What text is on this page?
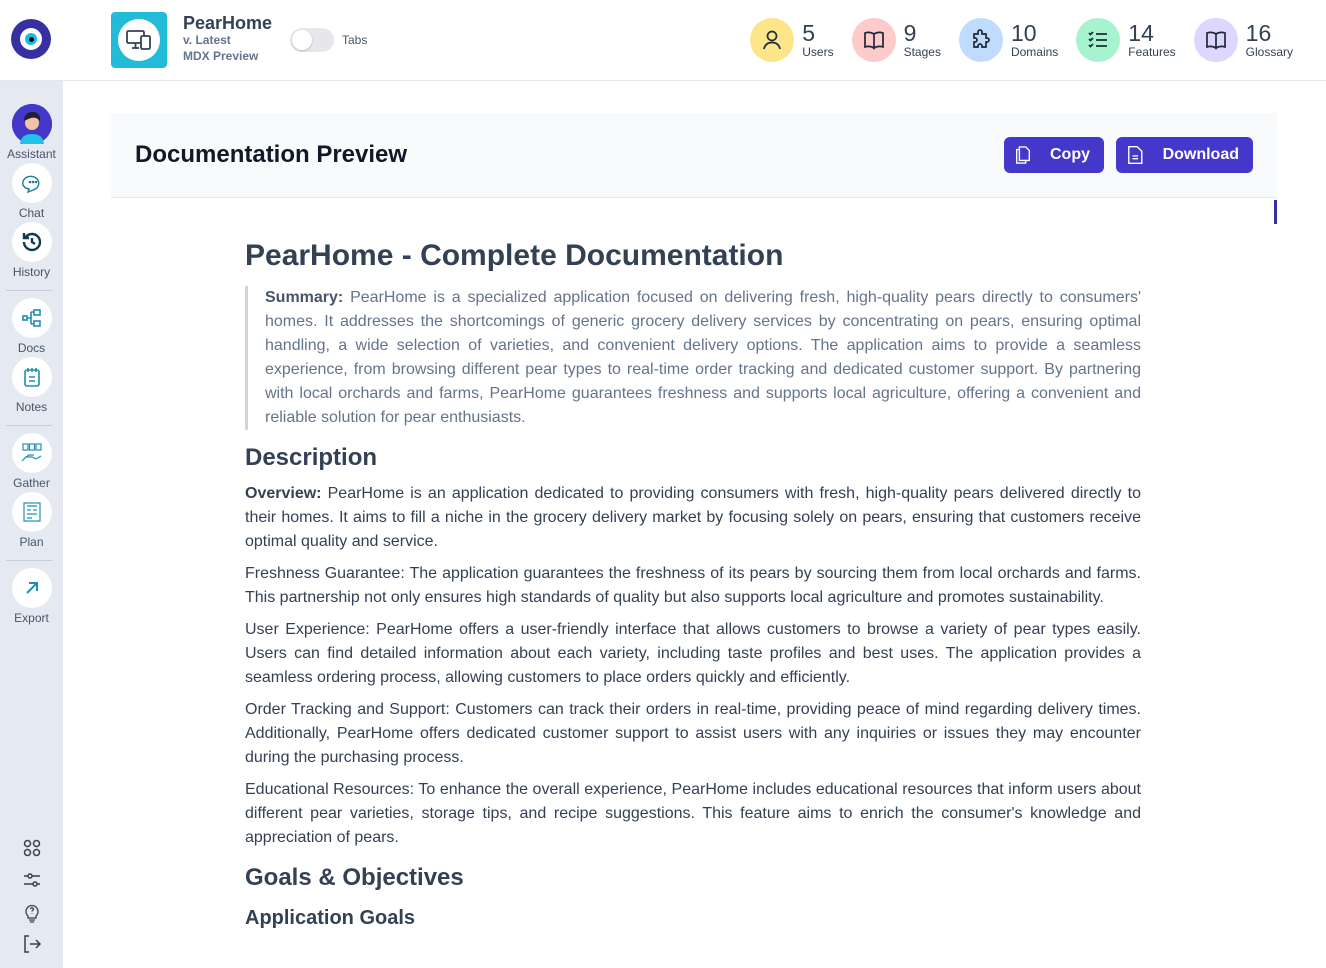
PearHome
v. Latest
MDX Preview
Tabs	5
Users
9
Stages
10
Domains
14
Features
16
Glossary
Assistant
Chat
History
Docs
Notes
Gather
Plan
Export
Documentation Preview	Copy	Download
PearHome - Complete Documentation
Summary: PearHome is a specialized application focused on delivering fresh, high-quality pears directly to consumers' homes. It addresses the shortcomings of generic grocery delivery services by concentrating on pears, ensuring optimal handling, a wide selection of varieties, and convenient delivery options. The application aims to provide a seamless experience, from browsing different pear types to real-time order tracking and dedicated customer support. By partnering with local orchards and farms, PearHome guarantees freshness and supports local agriculture, offering a convenient and reliable solution for pear enthusiasts.
Description

Overview: PearHome is an application dedicated to providing consumers with fresh, high-quality pears delivered directly to their homes. It aims to fill a niche in the grocery delivery market by focusing solely on pears, ensuring that customers receive optimal quality and service.

Freshness Guarantee: The application guarantees the freshness of its pears by sourcing them from local orchards and farms. This partnership not only ensures high standards of quality but also supports local agriculture and promotes sustainability.

User Experience: PearHome offers a user-friendly interface that allows customers to browse a variety of pear types easily. Users can find detailed information about each variety, including taste profiles and best uses. The application provides a seamless ordering process, allowing customers to place orders quickly and efficiently.

Order Tracking and Support: Customers can track their orders in real-time, providing peace of mind regarding delivery times. Additionally, PearHome offers dedicated customer support to assist users with any inquiries or issues they may encounter during the purchasing process.

Educational Resources: To enhance the overall experience, PearHome includes educational resources that inform users about different pear varieties, storage tips, and recipe suggestions. This feature aims to enrich the consumer's knowledge and appreciation of pears.

Goals & Objectives
Application Goals
